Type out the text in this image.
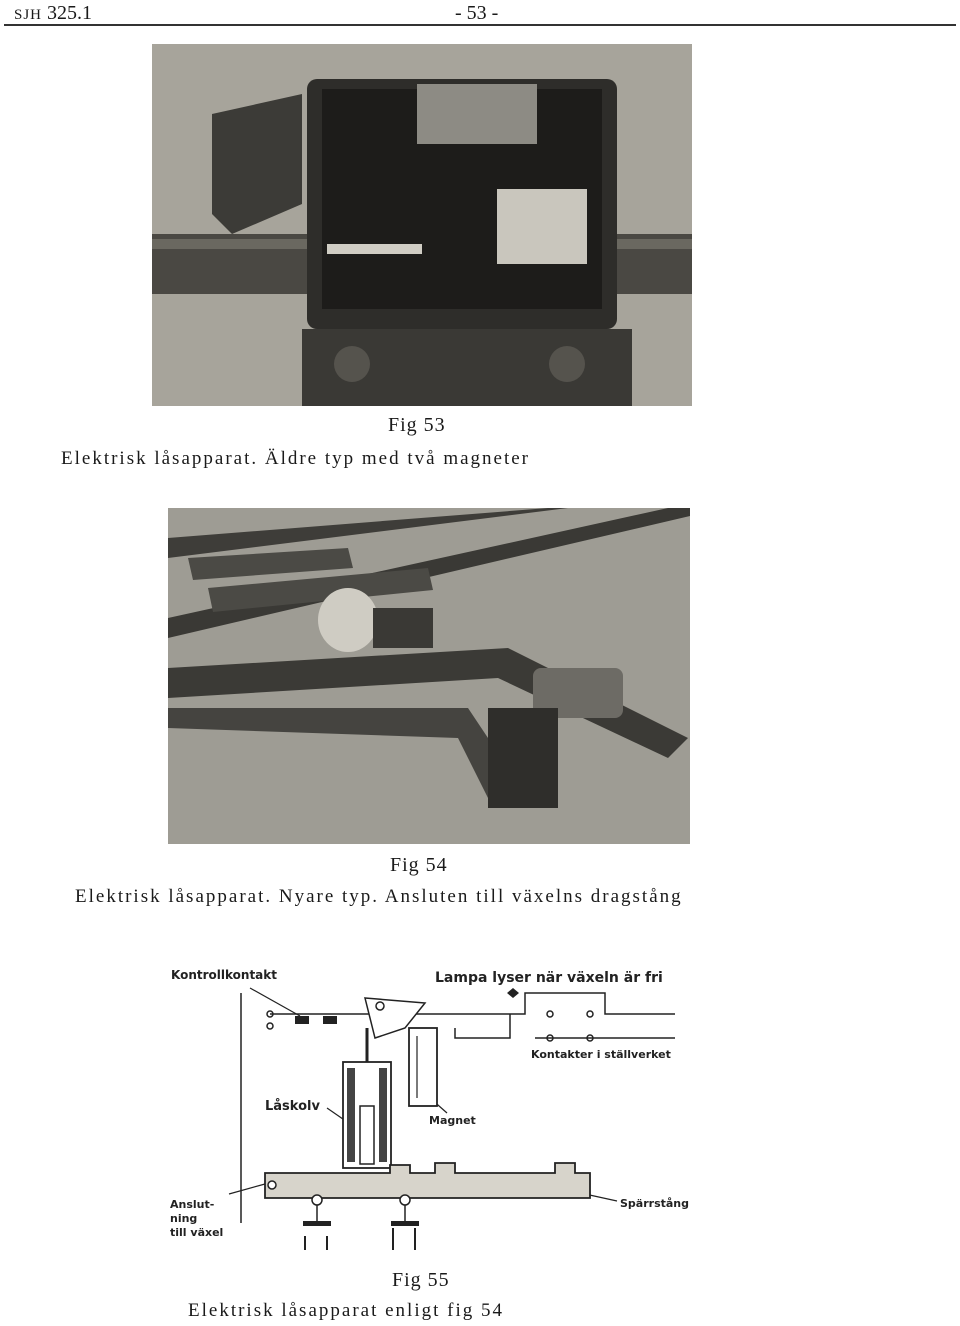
SJH 325.1	- 53 -
Fig 53
Elektrisk låsapparat. Äldre typ med två magneter
Fig 54
Elektrisk låsapparat. Nyare typ. Ansluten till växelns dragstång
Kontrollkontakt	Lampa lyser när växeln är fri
Kontakter i ställverket
Låskolv
Magnet
Anslut-
ning
till växel
Spärrstång
Fig 55
Elektrisk låsapparat enligt fig 54
